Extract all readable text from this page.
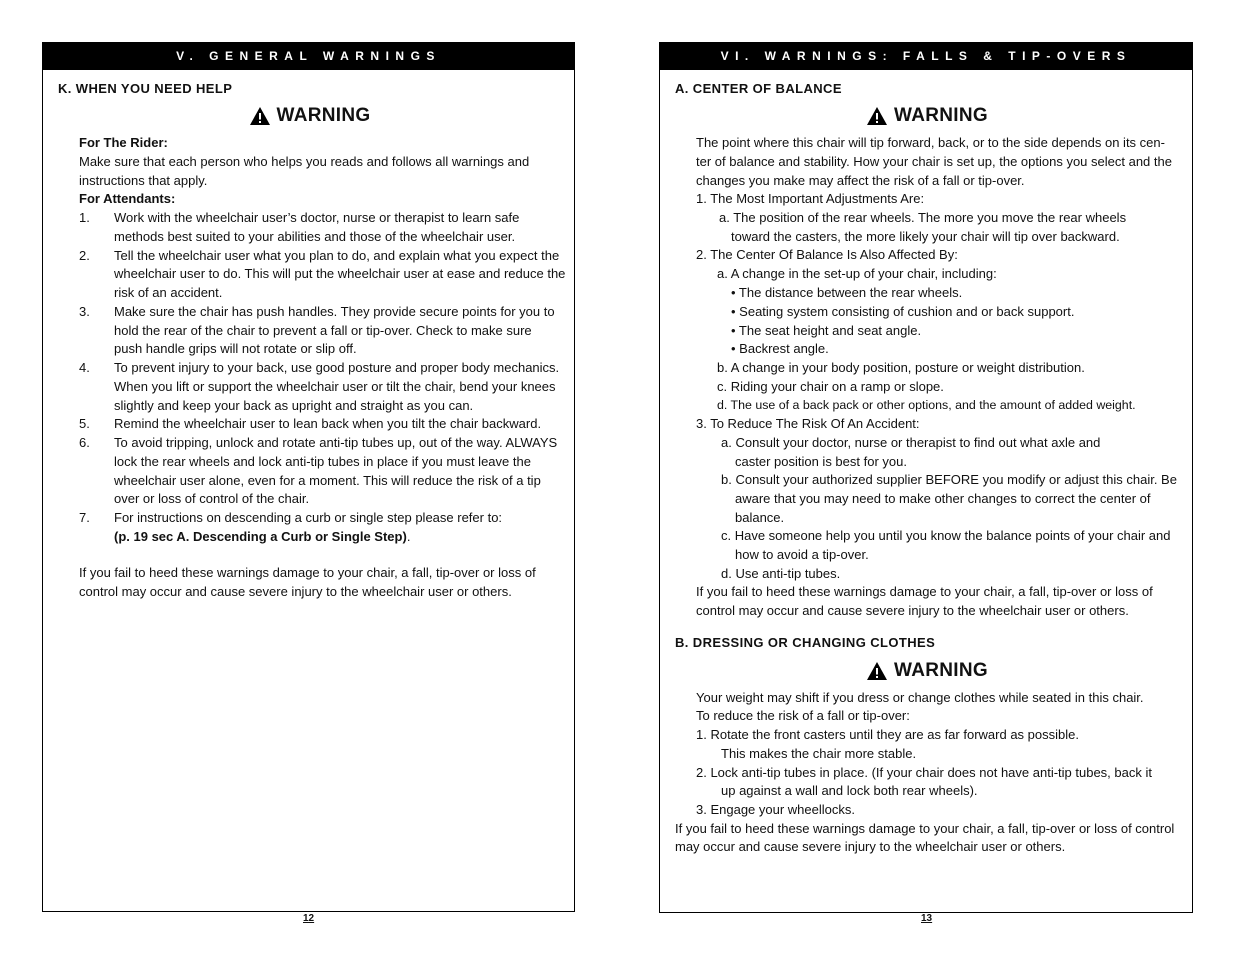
V. GENERAL WARNINGS
K. WHEN YOU NEED HELP
WARNING
For The Rider:
Make sure that each person who helps you reads and follows all warnings and
instructions that apply.
For Attendants:
1. Work with the wheelchair user’s doctor, nurse or therapist to learn safe
methods best suited to your abilities and those of the wheelchair user.
2. Tell the wheelchair user what you plan to do, and explain what you expect the
wheelchair user to do. This will put the wheelchair user at ease and reduce the
risk of an accident.
3. Make sure the chair has push handles. They provide secure points for you to
hold the rear of the chair to prevent a fall or tip-over. Check to make sure
push handle grips will not rotate or slip off.
4. To prevent injury to your back, use good posture and proper body mechanics.
When you lift or support the wheelchair user or tilt the chair, bend your knees
slightly and keep your back as upright and straight as you can.
5. Remind the wheelchair user to lean back when you tilt the chair backward.
6. To avoid tripping, unlock and rotate anti-tip tubes up, out of the way. ALWAYS
lock the rear wheels and lock anti-tip tubes in place if you must leave the
wheelchair user alone, even for a moment. This will reduce the risk of a tip
over or loss of control of the chair.
7. For instructions on descending a curb or single step please refer to:
(p. 19 sec A. Descending a Curb or Single Step).
If you fail to heed these warnings damage to your chair, a fall, tip-over or loss of
control may occur and cause severe injury to the wheelchair user or others.
12
VI. WARNINGS: FALLS & TIP-OVERS
A. CENTER OF BALANCE
WARNING
The point where this chair will tip forward, back, or to the side depends on its cen-
ter of balance and stability. How your chair is set up, the options you select and the
changes you make may affect the risk of a fall or tip-over.
1. The Most Important Adjustments Are:
a. The position of the rear wheels. The more you move the rear wheels
toward the casters, the more likely your chair will tip over backward.
2. The Center Of Balance Is Also Affected By:
a. A change in the set-up of your chair, including:
• The distance between the rear wheels.
• Seating system consisting of cushion and or back support.
• The seat height and seat angle.
• Backrest angle.
b. A change in your body position, posture or weight distribution.
c. Riding your chair on a ramp or slope.
d. The use of a back pack or other options, and the amount of added weight.
3. To Reduce The Risk Of An Accident:
a. Consult your doctor, nurse or therapist to find out what axle and
caster position is best for you.
b. Consult your authorized supplier BEFORE you modify or adjust this chair. Be
aware that you may need to make other changes to correct the center of
balance.
c. Have someone help you until you know the balance points of your chair and
how to avoid a tip-over.
d. Use anti-tip tubes.
If you fail to heed these warnings damage to your chair, a fall, tip-over or loss of
control may occur and cause severe injury to the wheelchair user or others.
B. DRESSING OR CHANGING CLOTHES
WARNING
Your weight may shift if you dress or change clothes while seated in this chair.
To reduce the risk of a fall or tip-over:
1. Rotate the front casters until they are as far forward as possible.
This makes the chair more stable.
2. Lock anti-tip tubes in place. (If your chair does not have anti-tip tubes, back it
up against a wall and lock both rear wheels).
3. Engage your wheellocks.
If you fail to heed these warnings damage to your chair, a fall, tip-over or loss of control
may occur and cause severe injury to the wheelchair user or others.
13
